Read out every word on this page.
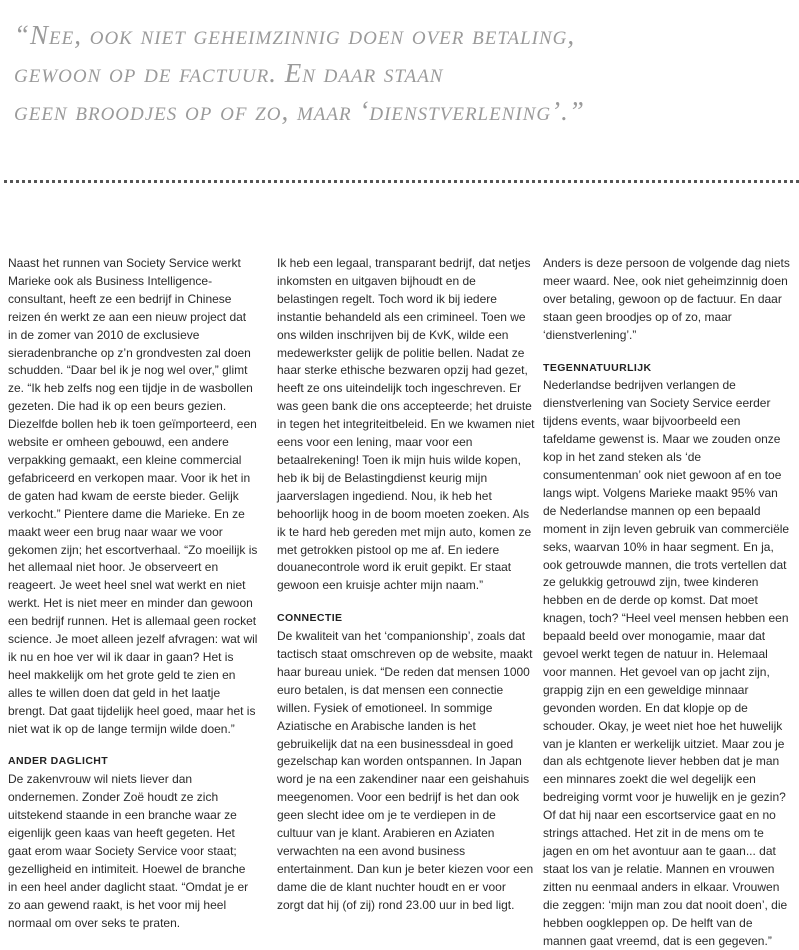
“Nee, ook niet geheimzinnig doen over betaling,
gewoon op de factuur. En daar staan
geen broodjes op of zo, maar ‘dienstverlening’.”

Naast het runnen van Society Service werkt Marieke ook als Business Intelligence-consultant, heeft ze een bedrijf in Chinese reizen én werkt ze aan een nieuw project dat in de zomer van 2010 de exclusieve sieradenbranche op z’n grondvesten zal doen schudden. “Daar bel ik je nog wel over,” glimt ze. “Ik heb zelfs nog een tijdje in de wasbollen gezeten. Die had ik op een beurs gezien. Diezelfde bollen heb ik toen geïmporteerd, een website er omheen gebouwd, een andere verpakking gemaakt, een kleine commercial gefabriceerd en verkopen maar. Voor ik het in de gaten had kwam de eerste bieder. Gelijk verkocht.” Pientere dame die Marieke. En ze maakt weer een brug naar waar we voor gekomen zijn; het escortverhaal. “Zo moeilijk is het allemaal niet hoor. Je observeert en reageert. Je weet heel snel wat werkt en niet werkt. Het is niet meer en minder dan gewoon een bedrijf runnen. Het is allemaal geen rocket science. Je moet alleen jezelf afvragen: wat wil ik nu en hoe ver wil ik daar in gaan? Het is heel makkelijk om het grote geld te zien en alles te willen doen dat geld in het laatje brengt. Dat gaat tijdelijk heel goed, maar het is niet wat ik op de lange termijn wilde doen.”

ANDER DAGLICHT

De zakenvrouw wil niets liever dan ondernemen. Zonder Zoë houdt ze zich uitstekend staande in een branche waar ze eigenlijk geen kaas van heeft gegeten. Het gaat erom waar Society Service voor staat; gezelligheid en intimiteit. Hoewel de branche in een heel ander daglicht staat. “Omdat je er zo aan gewend raakt, is het voor mij heel normaal om over seks te praten.

Ik heb een legaal, transparant bedrijf, dat netjes inkomsten en uitgaven bijhoudt en de belastingen regelt. Toch word ik bij iedere instantie behandeld als een crimineel. Toen we ons wilden inschrijven bij de KvK, wilde een medewerkster gelijk de politie bellen. Nadat ze haar sterke ethische bezwaren opzij had gezet, heeft ze ons uiteindelijk toch ingeschreven. Er was geen bank die ons accepteerde; het druiste in tegen het integriteitbeleid. En we kwamen niet eens voor een lening, maar voor een betaalrekening! Toen ik mijn huis wilde kopen, heb ik bij de Belastingdienst keurig mijn jaarverslagen ingediend. Nou, ik heb het behoorlijk hoog in de boom moeten zoeken. Als ik te hard heb gereden met mijn auto, komen ze met getrokken pistool op me af. En iedere douanecontrole word ik eruit gepikt. Er staat gewoon een kruisje achter mijn naam.”

CONNECTIE

De kwaliteit van het ‘companionship’, zoals dat tactisch staat omschreven op de website, maakt haar bureau uniek. “De reden dat mensen 1000 euro betalen, is dat mensen een connectie willen. Fysiek of emotioneel. In sommige Aziatische en Arabische landen is het gebruikelijk dat na een businessdeal in goed gezelschap kan worden ontspannen. In Japan word je na een zakendiner naar een geishahuis meegenomen. Voor een bedrijf is het dan ook geen slecht idee om je te verdiepen in de cultuur van je klant. Arabieren en Aziaten verwachten na een avond business entertainment. Dan kun je beter kiezen voor een dame die de klant nuchter houdt en er voor zorgt dat hij (of zij) rond 23.00 uur in bed ligt.

Anders is deze persoon de volgende dag niets meer waard. Nee, ook niet geheimzinnig doen over betaling, gewoon op de factuur. En daar staan geen broodjes op of zo, maar ‘dienstverlening’.”

TEGENNATUURLIJK

Nederlandse bedrijven verlangen de dienstverlening van Society Service eerder tijdens events, waar bijvoorbeeld een tafeldame gewenst is. Maar we zouden onze kop in het zand steken als ‘de consumentenman’ ook niet gewoon af en toe langs wipt. Volgens Marieke maakt 95% van de Nederlandse mannen op een bepaald moment in zijn leven gebruik van commerciële seks, waarvan 10% in haar segment. En ja, ook getrouwde mannen, die trots vertellen dat ze gelukkig getrouwd zijn, twee kinderen hebben en de derde op komst. Dat moet knagen, toch? “Heel veel mensen hebben een bepaald beeld over monogamie, maar dat gevoel werkt tegen de natuur in. Helemaal voor mannen. Het gevoel van op jacht zijn, grappig zijn en een geweldige minnaar gevonden worden. En dat klopje op de schouder. Okay, je weet niet hoe het huwelijk van je klanten er werkelijk uitziet. Maar zou je dan als echtgenote liever hebben dat je man een minnares zoekt die wel degelijk een bedreiging vormt voor je huwelijk en je gezin? Of dat hij naar een escortservice gaat en no strings attached. Het zit in de mens om te jagen en om het avontuur aan te gaan... dat staat los van je relatie. Mannen en vrouwen zitten nu eenmaal anders in elkaar. Vrouwen die zeggen: ‘mijn man zou dat nooit doen’, die hebben oogkleppen op. De helft van de mannen gaat vreemd, dat is een gegeven.”
